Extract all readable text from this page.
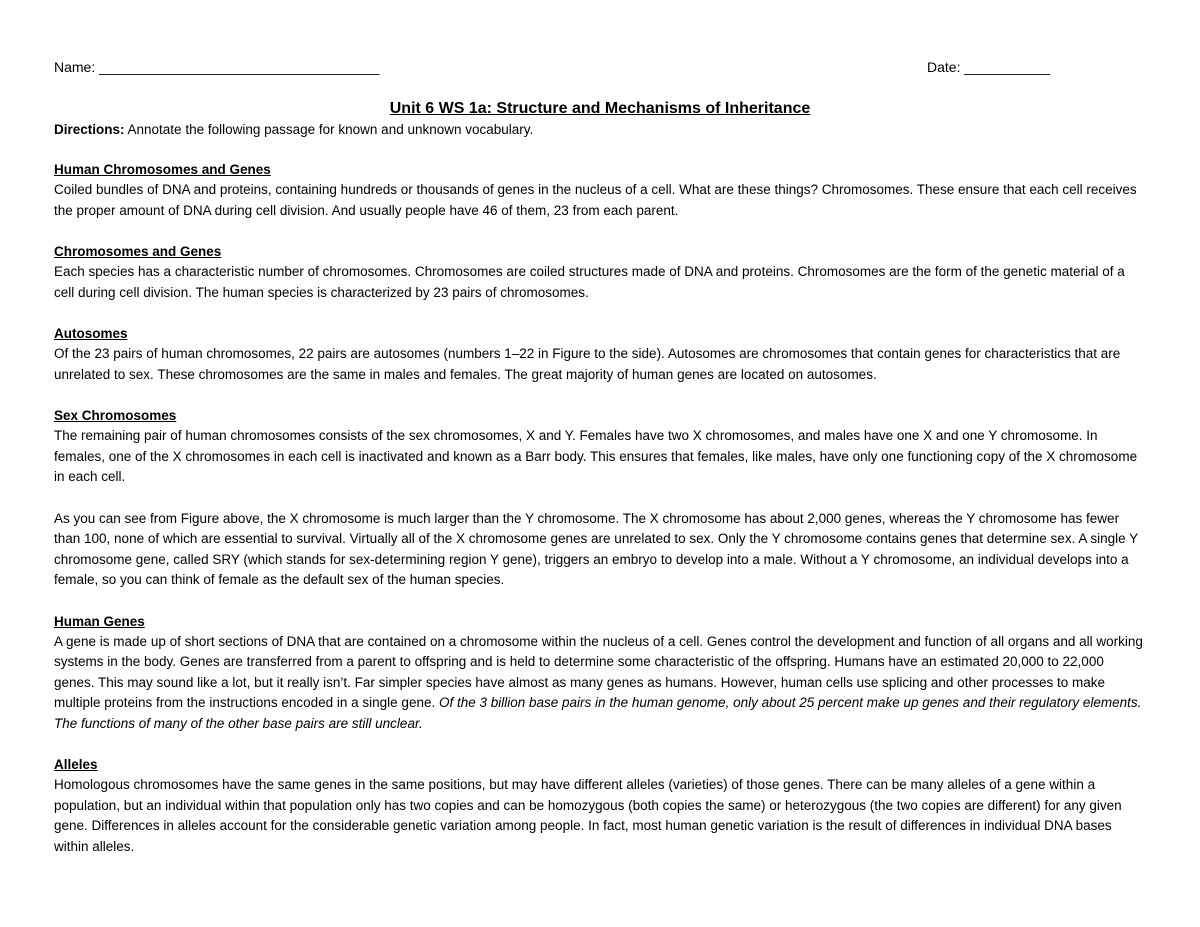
Name: ____________________________________	Date: ___________
Unit 6 WS 1a: Structure and Mechanisms of Inheritance
Directions: Annotate the following passage for known and unknown vocabulary.
Human Chromosomes and Genes

Coiled bundles of DNA and proteins, containing hundreds or thousands of genes in the nucleus of a cell. What are these things? Chromosomes. These ensure that each cell receives the proper amount of DNA during cell division. And usually people have 46 of them, 23 from each parent.

Chromosomes and Genes

Each species has a characteristic number of chromosomes. Chromosomes are coiled structures made of DNA and proteins. Chromosomes are the form of the genetic material of a cell during cell division. The human species is characterized by 23 pairs of chromosomes.

Autosomes

Of the 23 pairs of human chromosomes, 22 pairs are autosomes (numbers 1–22 in Figure to the side). Autosomes are chromosomes that contain genes for characteristics that are unrelated to sex. These chromosomes are the same in males and females. The great majority of human genes are located on autosomes.

Sex Chromosomes

The remaining pair of human chromosomes consists of the sex chromosomes, X and Y. Females have two X chromosomes, and males have one X and one Y chromosome. In females, one of the X chromosomes in each cell is inactivated and known as a Barr body. This ensures that females, like males, have only one functioning copy of the X chromosome in each cell.

As you can see from Figure above, the X chromosome is much larger than the Y chromosome. The X chromosome has about 2,000 genes, whereas the Y chromosome has fewer than 100, none of which are essential to survival. Virtually all of the X chromosome genes are unrelated to sex. Only the Y chromosome contains genes that determine sex. A single Y chromosome gene, called SRY (which stands for sex-determining region Y gene), triggers an embryo to develop into a male. Without a Y chromosome, an individual develops into a female, so you can think of female as the default sex of the human species.

Human Genes

A gene is made up of short sections of DNA that are contained on a chromosome within the nucleus of a cell. Genes control the development and function of all organs and all working systems in the body. Genes are transferred from a parent to offspring and is held to determine some characteristic of the offspring. Humans have an estimated 20,000 to 22,000 genes. This may sound like a lot, but it really isn’t. Far simpler species have almost as many genes as humans. However, human cells use splicing and other processes to make multiple proteins from the instructions encoded in a single gene. Of the 3 billion base pairs in the human genome, only about 25 percent make up genes and their regulatory elements. The functions of many of the other base pairs are still unclear.

Alleles

Homologous chromosomes have the same genes in the same positions, but may have different alleles (varieties) of those genes. There can be many alleles of a gene within a population, but an individual within that population only has two copies and can be homozygous (both copies the same) or heterozygous (the two copies are different) for any given gene. Differences in alleles account for the considerable genetic variation among people. In fact, most human genetic variation is the result of differences in individual DNA bases within alleles.
